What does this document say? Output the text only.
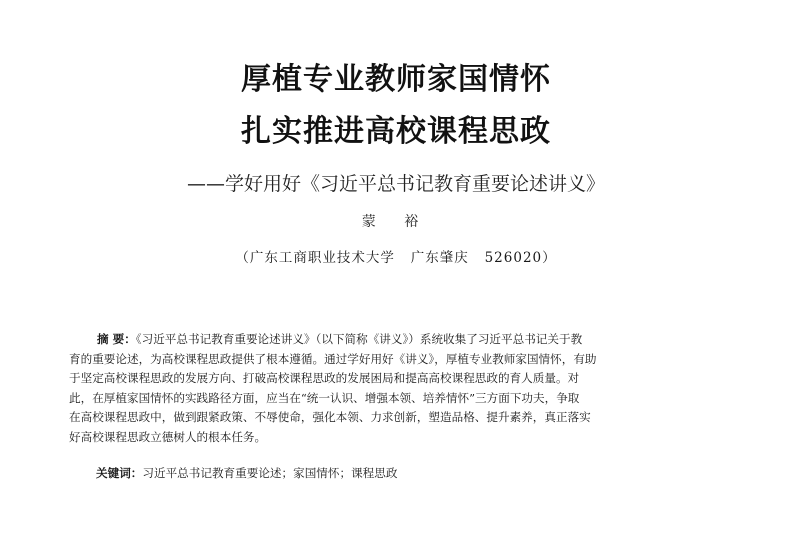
厚植专业教师家国情怀
扎实推进高校课程思政
——学好用好《习近平总书记教育重要论述讲义》
蒙 裕
（广东工商职业技术大学   广东肇庆   526020）
摘 要：《习近平总书记教育重要论述讲义》（以下简称《讲义》）系统收集了习近平总书记关于教
育的重要论述，为高校课程思政提供了根本遵循。通过学好用好《讲义》，厚植专业教师家国情怀，有助
于坚定高校课程思政的发展方向、打破高校课程思政的发展困局和提高高校课程思政的育人质量。对
此，在厚植家国情怀的实践路径方面，应当在“统一认识、增强本领、培养情怀”三方面下功夫，争取
在高校课程思政中，做到跟紧政策、不辱使命，强化本领、力求创新，塑造品格、提升素养，真正落实
好高校课程思政立德树人的根本任务。
关键词：习近平总书记教育重要论述；家国情怀；课程思政
